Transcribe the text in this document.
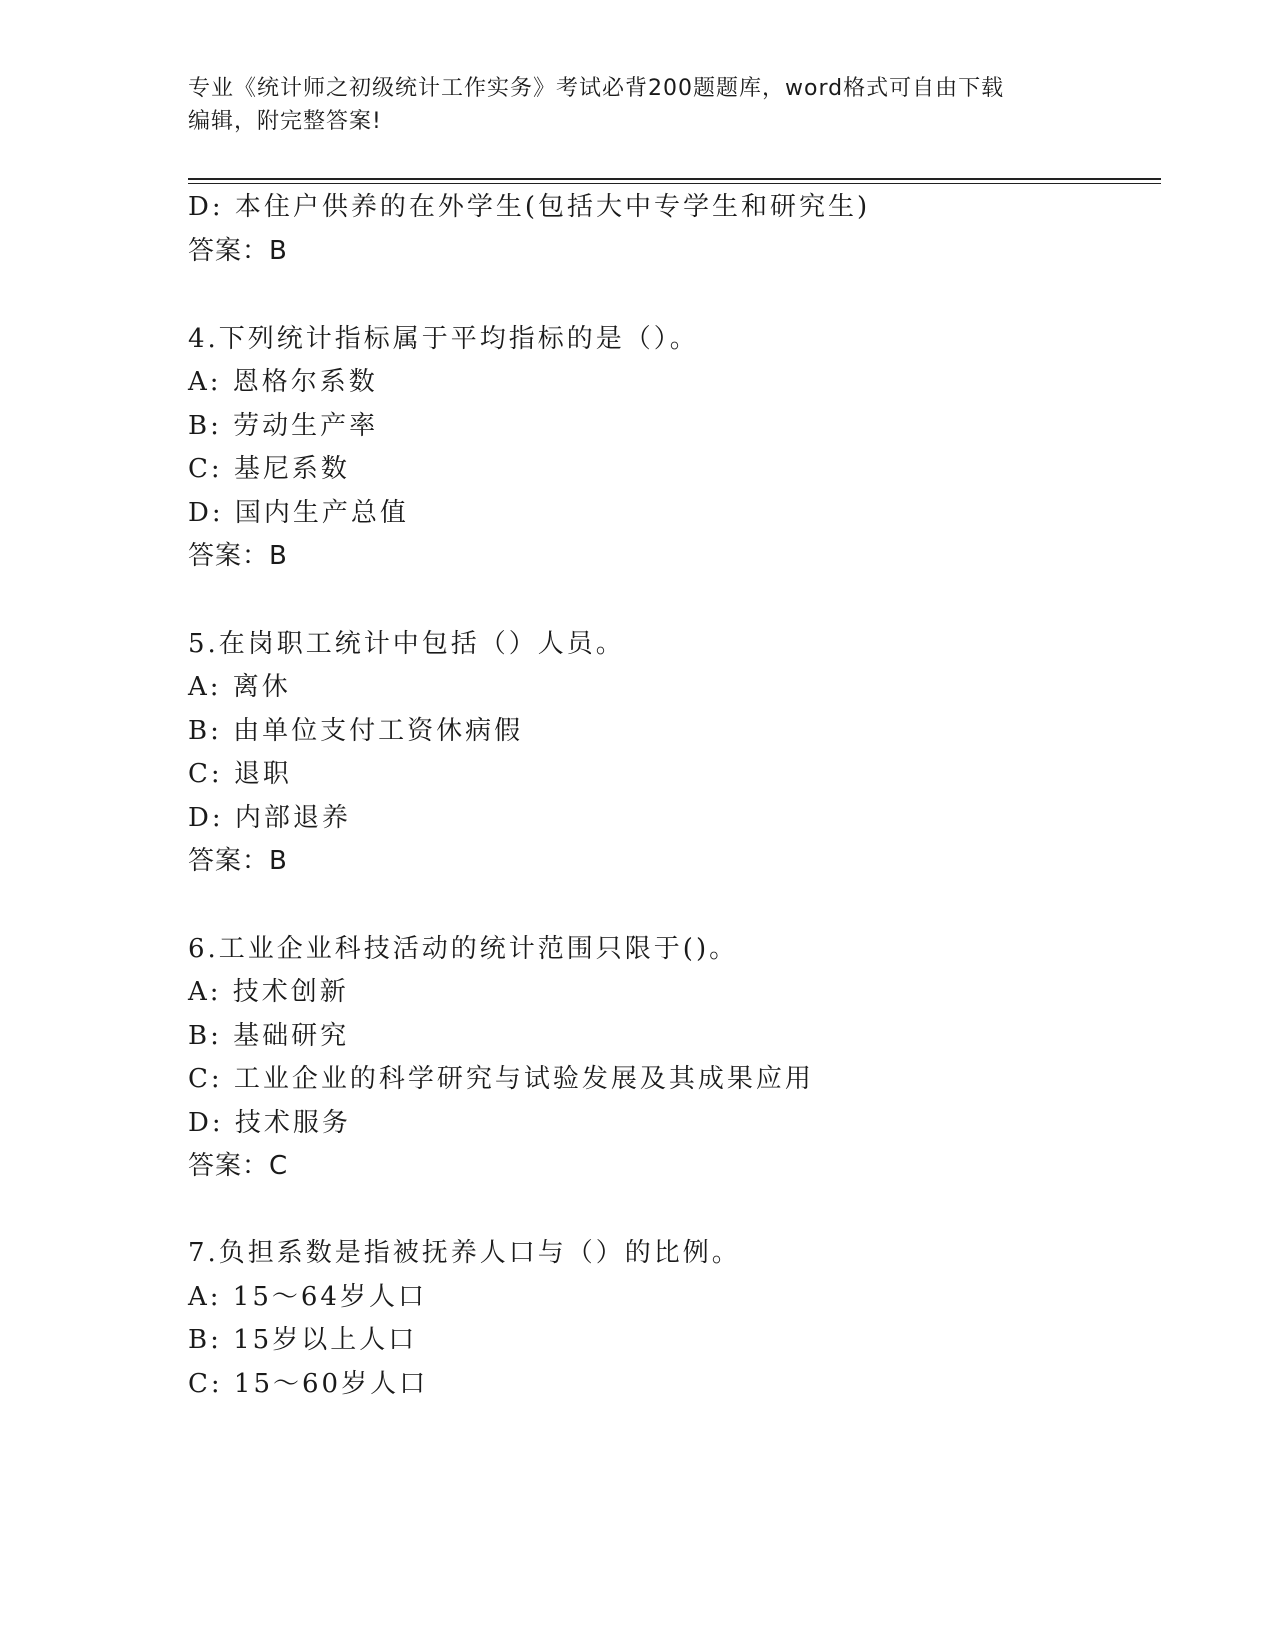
专业《统计师之初级统计工作实务》考试必背200题题库，word格式可自由下载
编辑，附完整答案!
D: 本住户供养的在外学生(包括大中专学生和研究生)
答案：B
4.下列统计指标属于平均指标的是（）。
A: 恩格尔系数
B: 劳动生产率
C: 基尼系数
D: 国内生产总值
答案：B
5.在岗职工统计中包括（）人员。
A: 离休
B: 由单位支付工资休病假
C: 退职
D: 内部退养
答案：B
6.工业企业科技活动的统计范围只限于()。
A: 技术创新
B: 基础研究
C: 工业企业的科学研究与试验发展及其成果应用
D: 技术服务
答案：C
7.负担系数是指被抚养人口与（）的比例。
A: 15～64岁人口
B: 15岁以上人口
C: 15～60岁人口
